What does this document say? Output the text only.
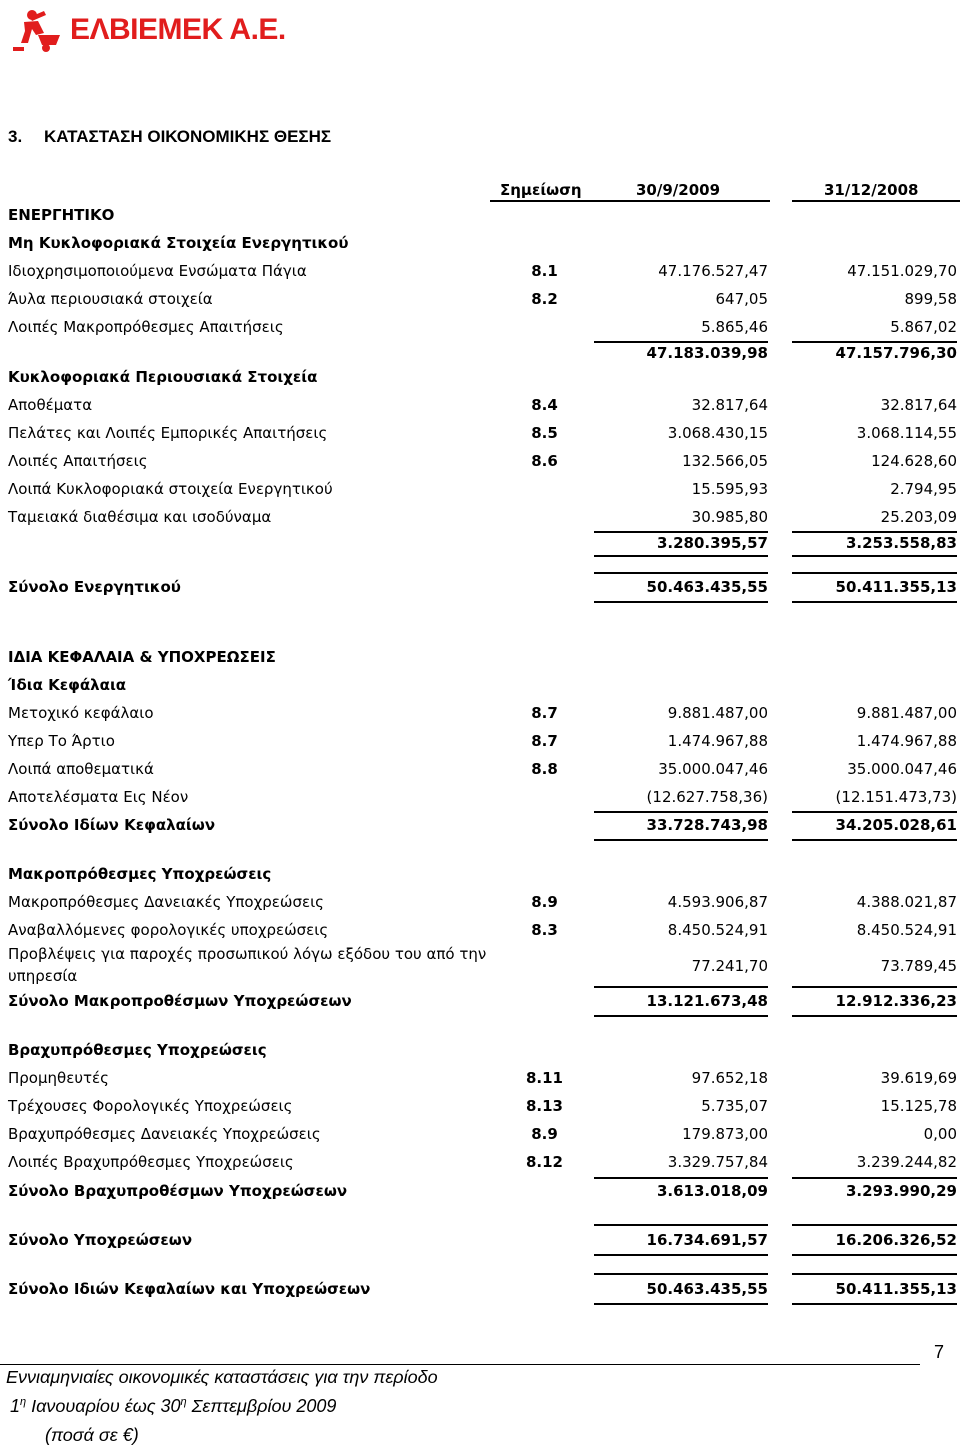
ΕΛΒΙΕΜΕΚ Α.Ε.
3. ΚΑΤΑΣΤΑΣΗ ΟΙΚΟΝΟΜΙΚΗΣ ΘΕΣΗΣ
Σημείωση	30/9/2009	31/12/2008
ΕΝΕΡΓΗΤΙΚΟ
Μη Κυκλοφοριακά Στοιχεία Ενεργητικού
Ιδιοχρησιμοποιούμενα Ενσώματα Πάγια	8.1	47.176.527,47	47.151.029,70
Άυλα περιουσιακά στοιχεία	8.2	647,05	899,58
Λοιπές Μακροπρόθεσμες Απαιτήσεις	5.865,46	5.867,02
47.183.039,98	47.157.796,30
Κυκλοφοριακά Περιουσιακά Στοιχεία
Αποθέματα	8.4	32.817,64	32.817,64
Πελάτες και Λοιπές Εμπορικές Απαιτήσεις	8.5	3.068.430,15	3.068.114,55
Λοιπές Απαιτήσεις	8.6	132.566,05	124.628,60
Λοιπά Κυκλοφοριακά στοιχεία Ενεργητικού	15.595,93	2.794,95
Ταμειακά διαθέσιμα και ισοδύναμα	30.985,80	25.203,09
3.280.395,57	3.253.558,83
Σύνολο Ενεργητικού	50.463.435,55	50.411.355,13
ΙΔΙΑ ΚΕΦΑΛΑΙΑ & ΥΠΟΧΡΕΩΣΕΙΣ
Ίδια Κεφάλαια
Μετοχικό κεφάλαιο	8.7	9.881.487,00	9.881.487,00
Υπερ Το Άρτιο	8.7	1.474.967,88	1.474.967,88
Λοιπά αποθεματικά	8.8	35.000.047,46	35.000.047,46
Αποτελέσματα Εις Νέον	(12.627.758,36)	(12.151.473,73)
Σύνολο Ιδίων Κεφαλαίων	33.728.743,98	34.205.028,61
Μακροπρόθεσμες Υποχρεώσεις
Μακροπρόθεσμες Δανειακές Υποχρεώσεις	8.9	4.593.906,87	4.388.021,87
Αναβαλλόμενες φορολογικές υποχρεώσεις	8.3	8.450.524,91	8.450.524,91
Προβλέψεις για παροχές προσωπικού λόγω εξόδου του από την υπηρεσία
77.241,70	73.789,45
Σύνολο Μακροπροθέσμων Υποχρεώσεων	13.121.673,48	12.912.336,23
Βραχυπρόθεσμες Υποχρεώσεις
Προμηθευτές	8.11	97.652,18	39.619,69
Τρέχουσες Φορολογικές Υποχρεώσεις	8.13	5.735,07	15.125,78
Βραχυπρόθεσμες Δανειακές Υποχρεώσεις	8.9	179.873,00	0,00
Λοιπές Βραχυπρόθεσμες Υποχρεώσεις	8.12	3.329.757,84	3.239.244,82
Σύνολο Βραχυπροθέσμων Υποχρεώσεων	3.613.018,09	3.293.990,29
Σύνολο Υποχρεώσεων	16.734.691,57	16.206.326,52
Σύνολο Ιδιών Κεφαλαίων και Υποχρεώσεων	50.463.435,55	50.411.355,13
7
Εννιαμηνιαίες οικονομικές καταστάσεις για την περίοδο
$1^\eta$ Ιανουαρίου έως $30^\eta$ Σεπτεμβρίου 2009
(ποσά σε €)
